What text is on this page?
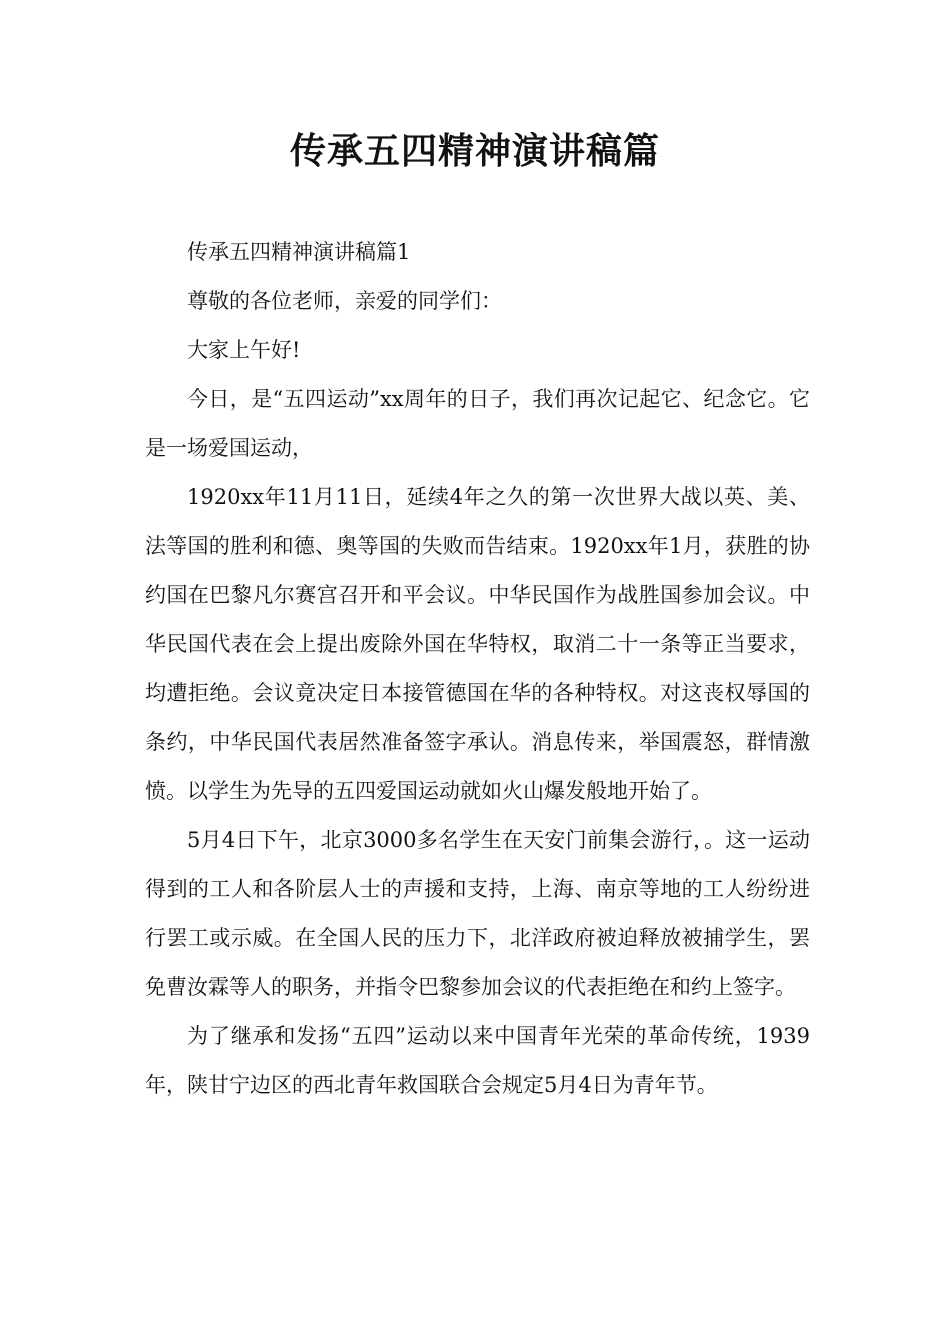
传承五四精神演讲稿篇

传承五四精神演讲稿篇1

尊敬的各位老师，亲爱的同学们：

大家上午好!

今日，是“五四运动”xx周年的日子，我们再次记起它、纪念它。它是一场爱国运动，

1920xx年11月11日，延续4年之久的第一次世界大战以英、美、法等国的胜利和德、奥等国的失败而告结束。1920xx年1月，获胜的协约国在巴黎凡尔赛宫召开和平会议。中华民国作为战胜国参加会议。中华民国代表在会上提出废除外国在华特权，取消二十一条等正当要求，均遭拒绝。会议竟决定日本接管德国在华的各种特权。对这丧权辱国的条约，中华民国代表居然准备签字承认。消息传来，举国震怒，群情激愤。以学生为先导的五四爱国运动就如火山爆发般地开始了。

5月4日下午，北京3000多名学生在天安门前集会游行，。这一运动得到的工人和各阶层人士的声援和支持，上海、南京等地的工人纷纷进行罢工或示威。在全国人民的压力下，北洋政府被迫释放被捕学生，罢免曹汝霖等人的职务，并指令巴黎参加会议的代表拒绝在和约上签字。

为了继承和发扬“五四”运动以来中国青年光荣的革命传统，1939年，陕甘宁边区的西北青年救国联合会规定5月4日为青年节。
